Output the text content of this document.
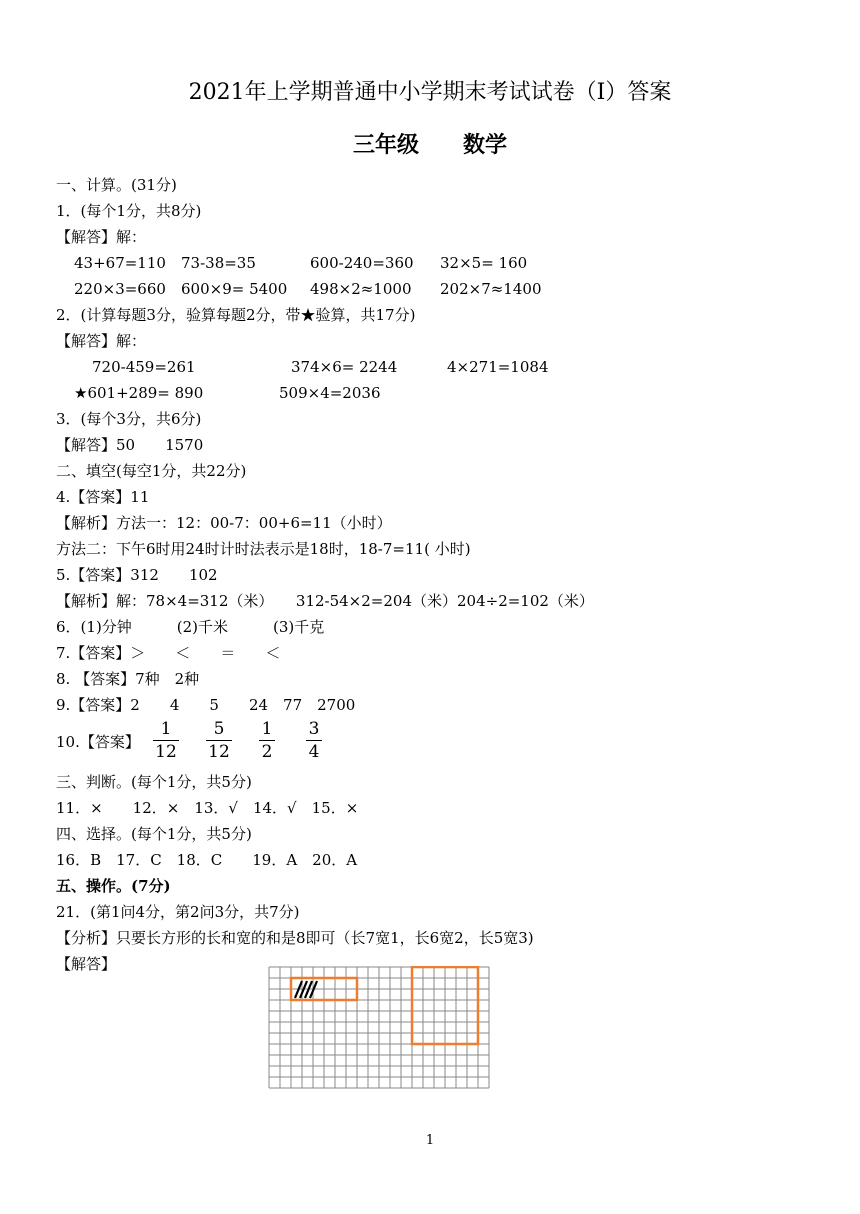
2021年上学期普通中小学期末考试试卷（Ⅰ）答案
三年级　　数学
一、计算。(31分)
1．(每个1分，共8分)
【解答】解：
43+67=110 73-38=35	600-240=360 32×5= 160
220×3=660 600×9= 5400 498×2≈1000 202×7≈1400
2．(计算每题3分，验算每题2分，带★验算，共17分)
【解答】解：
720-459=261	374×6= 2244	4×271=1084
★601+289= 890	509×4=2036
3．(每个3分，共6分)
【解答】50　　1570
二、填空(每空1分，共22分)
4.【答案】11
【解析】方法一：12：00-7：00+6=11（小时）
方法二：下午6时用24时计时法表示是18时，18-7=11( 小时)
5.【答案】312　　102
【解析】解：78×4=312（米）　　312-54×2=204（米）204÷2=102（米）
6．(1)分钟　　　(2)千米　　　(3)千克
7.【答案】＞　　＜　　＝　　＜
8. 【答案】7种　2种
9.【答案】2　　4　　5　　24　77　2700
10.【答案】 $\frac{1}{12} \frac{5}{12} \frac{1}{2} \frac{3}{4}$
三、判断。(每个1分，共5分)
11．×　　12．×　13．√　14．√　15．×
四、选择。(每个1分，共5分)
16．B　17．C　18．C　　19．A　20．A
五、操作。(7分)
21．(第1问4分，第2问3分，共7分)
【分析】只要长方形的长和宽的和是8即可（长7宽1，长6宽2，长5宽3)
【解答】
1
